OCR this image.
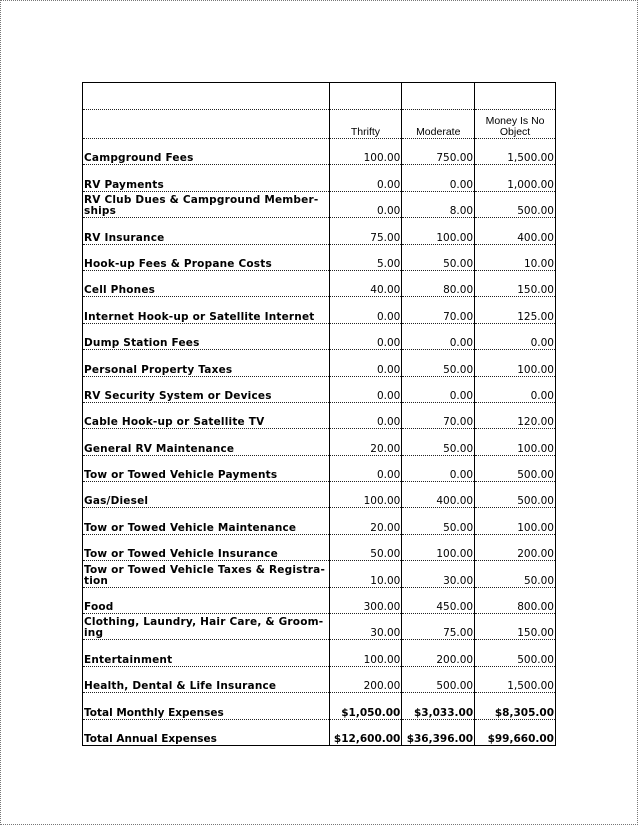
	Thrifty	Moderate	Money Is No Object
Campground Fees	100.00	750.00	1,500.00
RV Payments	0.00	0.00	1,000.00
RV Club Dues & Campground Member-ships	0.00	8.00	500.00
RV Insurance	75.00	100.00	400.00
Hook-up Fees & Propane Costs	5.00	50.00	10.00
Cell Phones	40.00	80.00	150.00
Internet Hook-up or Satellite Internet	0.00	70.00	125.00
Dump Station Fees	0.00	0.00	0.00
Personal Property Taxes	0.00	50.00	100.00
RV Security System or Devices	0.00	0.00	0.00
Cable Hook-up or Satellite TV	0.00	70.00	120.00
General RV Maintenance	20.00	50.00	100.00
Tow or Towed Vehicle Payments	0.00	0.00	500.00
Gas/Diesel	100.00	400.00	500.00
Tow or Towed Vehicle Maintenance	20.00	50.00	100.00
Tow or Towed Vehicle Insurance	50.00	100.00	200.00
Tow or Towed Vehicle Taxes & Registra-tion	10.00	30.00	50.00
Food	300.00	450.00	800.00
Clothing, Laundry, Hair Care, & Groom-ing	30.00	75.00	150.00
Entertainment	100.00	200.00	500.00
Health, Dental & Life Insurance	200.00	500.00	1,500.00
Total Monthly Expenses	$1,050.00	$3,033.00	$8,305.00
Total Annual Expenses	$12,600.00	$36,396.00	$99,660.00
